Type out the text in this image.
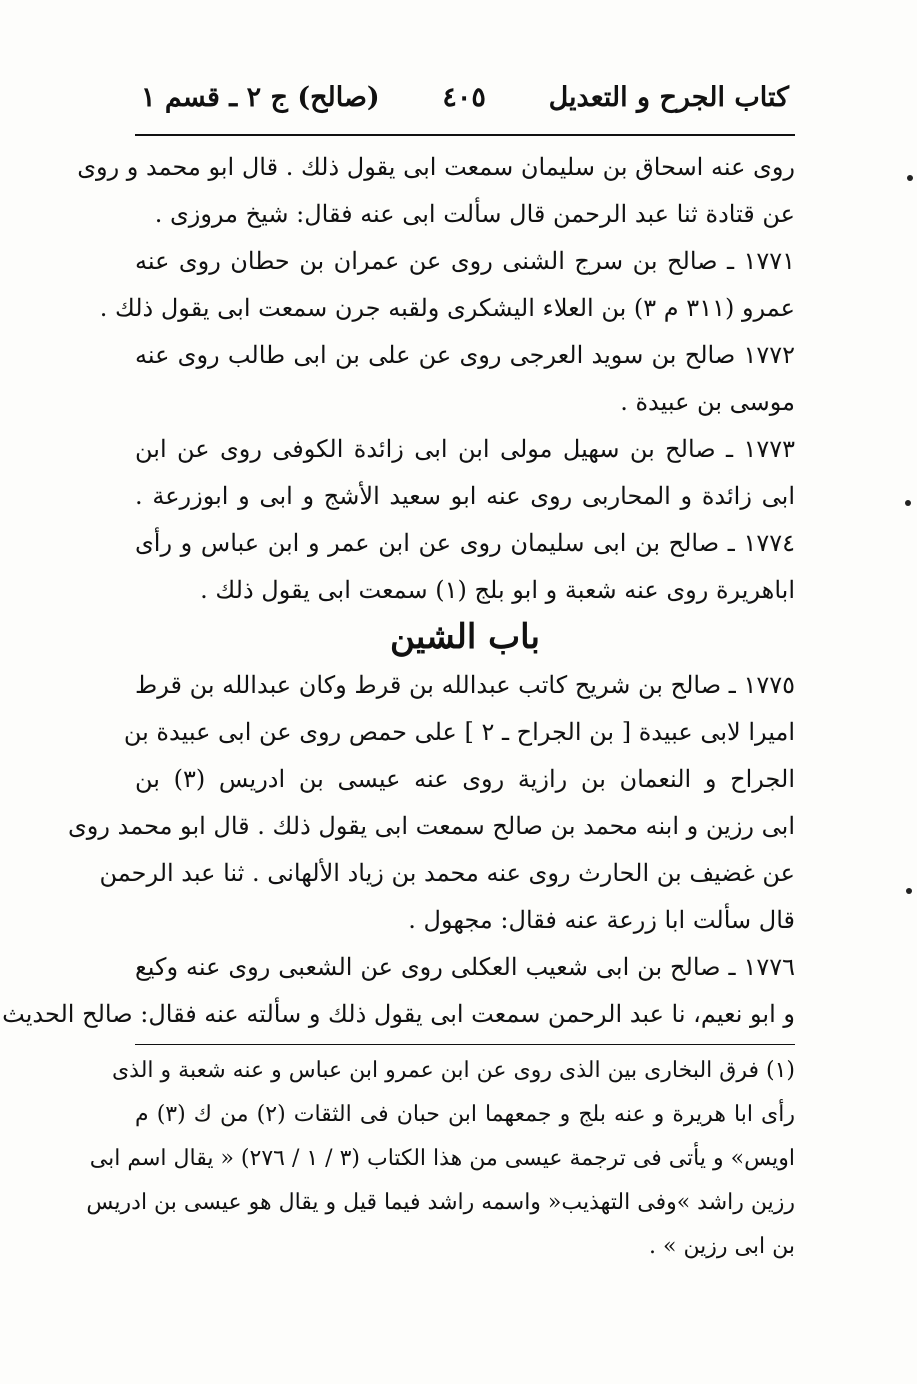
كتاب الجرح و التعديل
٤٠٥
(صالح) ج ٢ ـ قسم ١
روى عنه اسحاق بن سليمان سمعت ابى يقول ذلك . قال ابو محمد و روى
عن قتادة ثنا عبد الرحمن قال سألت ابى عنه فقال: شيخ مروزى .
١٧٧١ ـ صالح بن سرج الشنى روى عن عمران بن حطان روى عنه
عمرو (٣١١ م ٣) بن العلاء اليشكرى ولقبه جرن سمعت ابى يقول ذلك .
١٧٧٢ صالح بن سويد العرجى روى عن على بن ابى طالب روى عنه
موسى بن عبيدة .
١٧٧٣ ـ صالح بن سهيل مولى ابن ابى زائدة الكوفى روى عن ابن
ابى زائدة و المحاربى روى عنه ابو سعيد الأشج و ابى و ابوزرعة .
١٧٧٤ ـ صالح بن ابى سليمان روى عن ابن عمر و ابن عباس و رأى
اباهريرة روى عنه شعبة و ابو بلج (١) سمعت ابى يقول ذلك .
باب الشين
١٧٧٥ ـ صالح بن شريح كاتب عبدالله بن قرط وكان عبدالله بن قرط
اميرا لابى عبيدة [ بن الجراح ـ ٢ ] على حمص روى عن ابى عبيدة بن
الجراح و النعمان بن رازية روى عنه عيسى بن ادريس (٣) بن
ابى رزين و ابنه محمد بن صالح سمعت ابى يقول ذلك . قال ابو محمد روى
عن غضيف بن الحارث روى عنه محمد بن زياد الألهانى . ثنا عبد الرحمن
قال سألت ابا زرعة عنه فقال: مجهول .
١٧٧٦ ـ صالح بن ابى شعيب العكلى روى عن الشعبى روى عنه وكيع
و ابو نعيم، نا عبد الرحمن سمعت ابى يقول ذلك و سألته عنه فقال: صالح الحديث
(١) فرق البخارى بين الذى روى عن ابن عمرو ابن عباس و عنه شعبة و الذى
رأى ابا هريرة و عنه بلج و جمعهما ابن حبان فى الثقات (٢) من ك (٣) م
اويس» و يأتى فى ترجمة عيسى من هذا الكتاب (٣ / ١ / ٢٧٦) « يقال اسم ابى
رزين راشد »وفى التهذيب« واسمه راشد فيما قيل و يقال هو عيسى بن ادريس
بن ابى رزين » .
